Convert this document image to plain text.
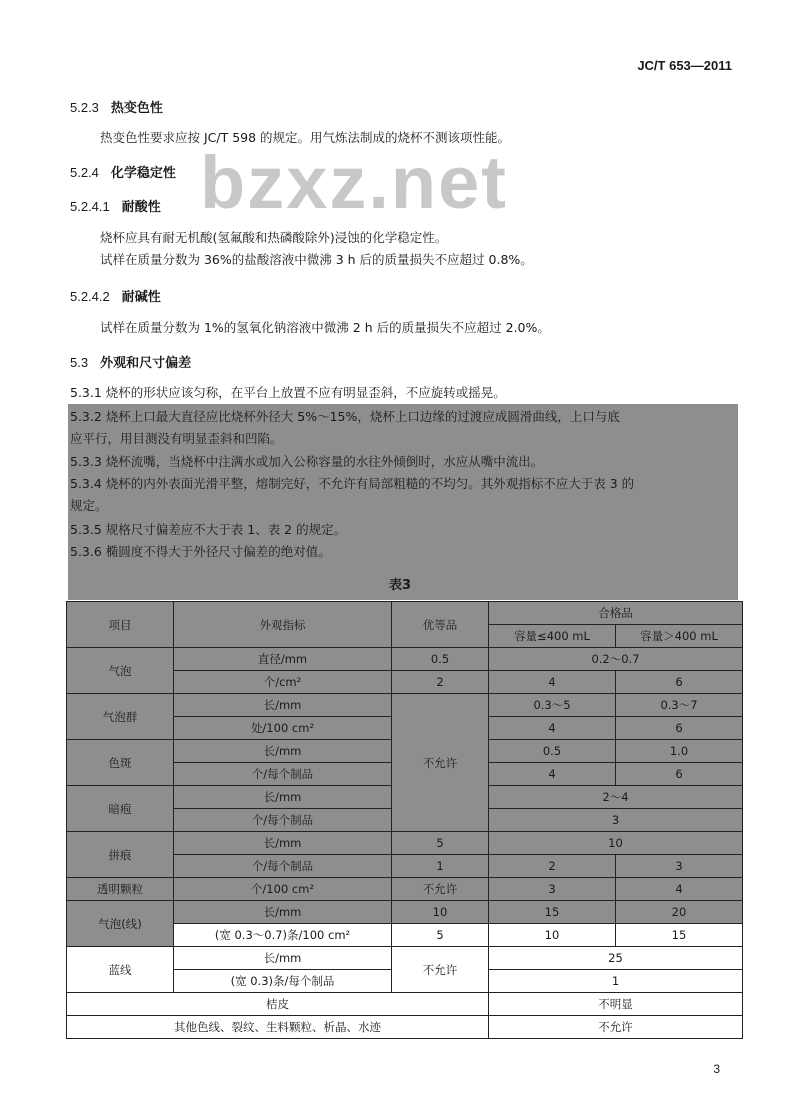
JC/T 653—2011
bzxz.net
5.2.3 热变色性
热变色性要求应按 JC/T 598 的规定。用气炼法制成的烧杯不测该项性能。
5.2.4 化学稳定性
5.2.4.1 耐酸性
烧杯应具有耐无机酸(氢氟酸和热磷酸除外)浸蚀的化学稳定性。
试样在质量分数为 36%的盐酸溶液中微沸 3 h 后的质量损失不应超过 0.8%。
5.2.4.2 耐碱性
试样在质量分数为 1%的氢氧化钠溶液中微沸 2 h 后的质量损失不应超过 2.0%。
5.3 外观和尺寸偏差
5.3.1 烧杯的形状应该匀称，在平台上放置不应有明显歪斜，不应旋转或摇晃。
5.3.2 烧杯上口最大直径应比烧杯外径大 5%～15%，烧杯上口边缘的过渡应成圆滑曲线，上口与底
应平行，用目测没有明显歪斜和凹陷。
5.3.3 烧杯流嘴，当烧杯中注满水或加入公称容量的水往外倾倒时，水应从嘴中流出。
5.3.4 烧杯的内外表面光滑平整，熔制完好，不允许有局部粗糙的不均匀。其外观指标不应大于表 3 的
规定。
5.3.5 规格尺寸偏差应不大于表 1、表 2 的规定。
5.3.6 椭圆度不得大于外径尺寸偏差的绝对值。
表3
项目	外观指标	优等品	合格品	
			容量≤400 mL	容量＞400 mL
气泡	直径/mm	0.5	0.2～0.7	
	个/cm²	2	4	6
气泡群	长/mm	不允许	0.3～5	0.3～7
	处/100 cm²		4	6
色斑	长/mm		0.5	1.0
	个/每个制品		4	6
暗疱	长/mm		2～4	
	个/每个制品		3	
拼痕	长/mm	5	10	
	个/每个制品	1	2	3
透明颗粒	个/100 cm²	不允许	3	4
气泡(线)	长/mm	10	15	20
	(宽 0.3～0.7)条/100 cm²	5	10	15
蓝线	长/mm	不允许	25	
	(宽 0.3)条/每个制品		1	
桔皮			不明显	
其他色线、裂纹、生料颗粒、析晶、水迹			不允许	
3
